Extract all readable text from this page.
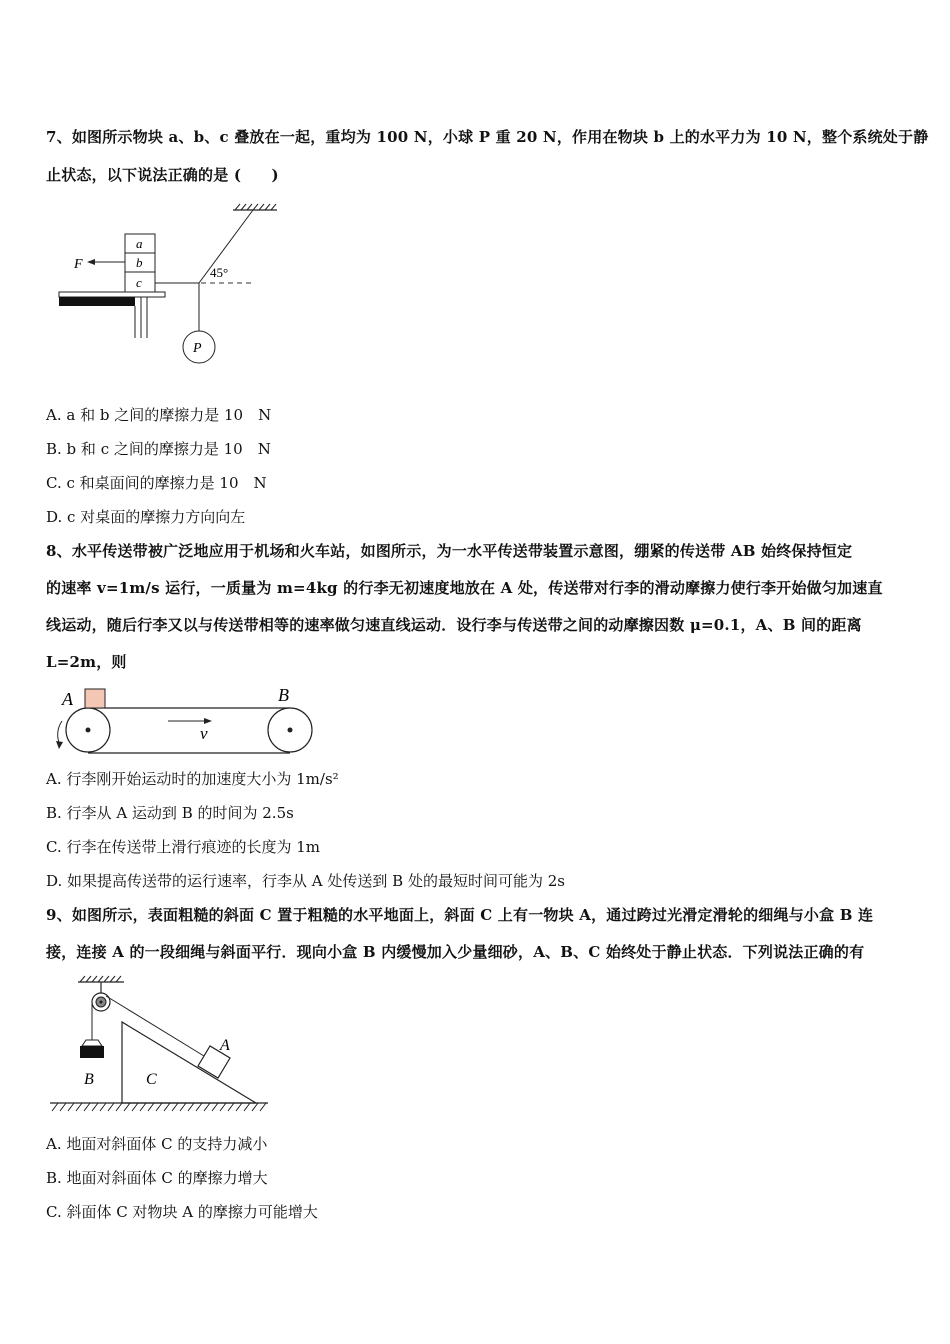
7、如图所示物块 a、b、c 叠放在一起，重均为 100 N，小球 P 重 20 N，作用在物块 b 上的水平力为 10 N，整个系统处于静
止状态，以下说法正确的是 (　　)
45°
P
a
b
c
F
A. a 和 b 之间的摩擦力是 10　N
B. b 和 c 之间的摩擦力是 10　N
C. c 和桌面间的摩擦力是 10　N
D. c 对桌面的摩擦力方向向左
8、水平传送带被广泛地应用于机场和火车站，如图所示，为一水平传送带装置示意图，绷紧的传送带 AB 始终保持恒定
的速率 v=1m/s 运行，一质量为 m=4kg 的行李无初速度地放在 A 处，传送带对行李的滑动摩擦力使行李开始做匀加速直
线运动，随后行李又以与传送带相等的速率做匀速直线运动．设行李与传送带之间的动摩擦因数 μ=0.1，A、B 间的距离
L=2m，则
A	B
v
A. 行李刚开始运动时的加速度大小为 1m/s²
B. 行李从 A 运动到 B 的时间为 2.5s
C. 行李在传送带上滑行痕迹的长度为 1m
D. 如果提高传送带的运行速率，行李从 A 处传送到 B 处的最短时间可能为 2s
9、如图所示，表面粗糙的斜面 C 置于粗糙的水平地面上，斜面 C 上有一物块 A，通过跨过光滑定滑轮的细绳与小盒 B 连
接，连接 A 的一段细绳与斜面平行．现向小盒 B 内缓慢加入少量细砂，A、B、C 始终处于静止状态．下列说法正确的有
B	C
A
A. 地面对斜面体 C 的支持力减小
B. 地面对斜面体 C 的摩擦力增大
C. 斜面体 C 对物块 A 的摩擦力可能增大
